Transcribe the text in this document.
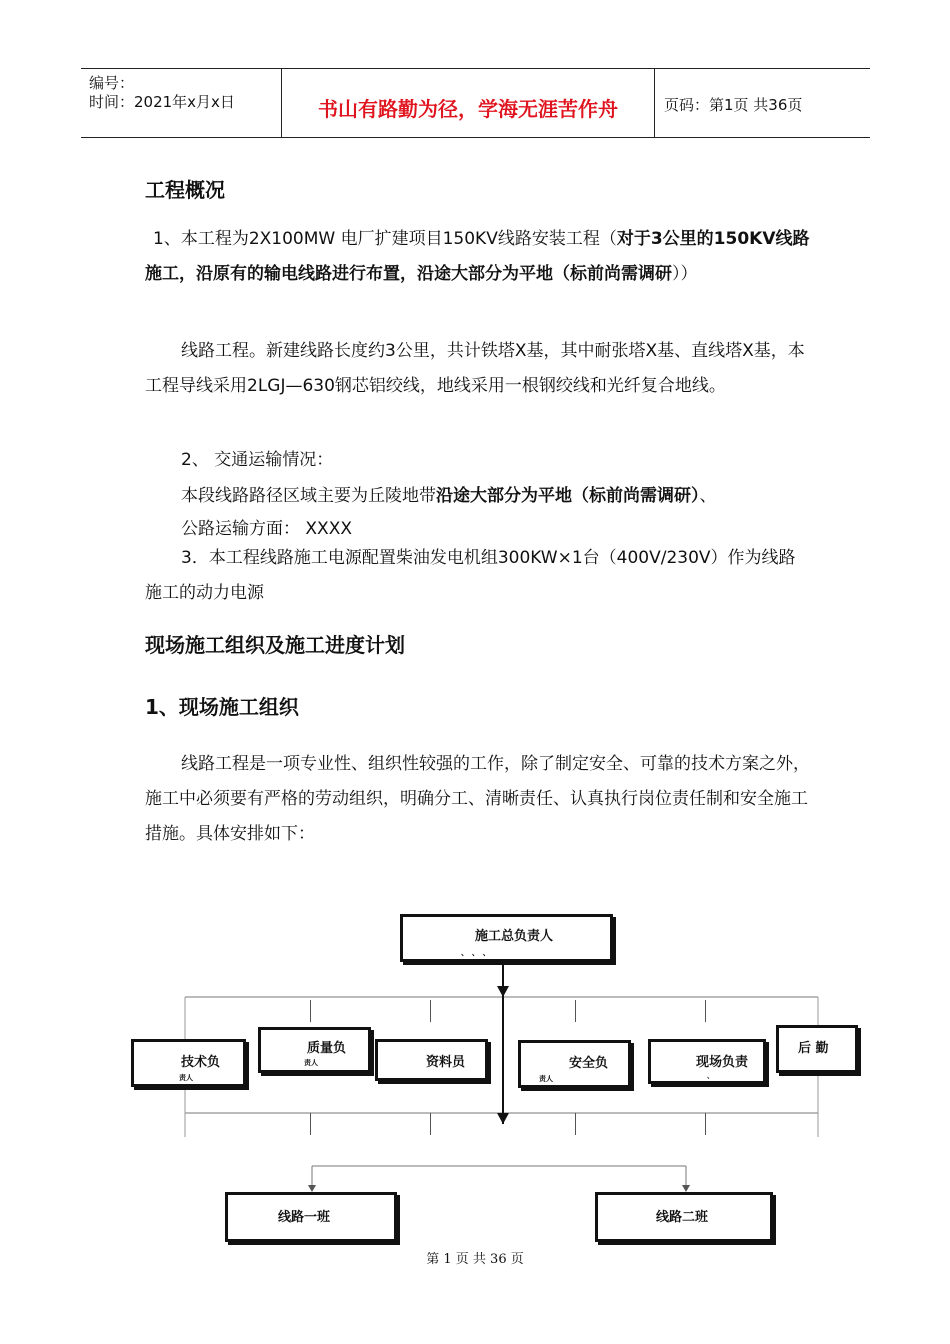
编号：
时间：2021年x月x日	书山有路勤为径，学海无涯苦作舟	页码：第1页 共36页
工程概况

1、本工程为2X100MW 电厂扩建项目150KV线路安装工程（对于3公里的150KV线路施工，沿原有的输电线路进行布置，沿途大部分为平地（标前尚需调研））

线路工程。新建线路长度约3公里，共计铁塔X基，其中耐张塔X基、直线塔X基，本工程导线采用2LGJ—630钢芯铝绞线，地线采用一根钢绞线和光纤复合地线。

2、 交通运输情况：
本段线路路径区域主要为丘陵地带沿途大部分为平地（标前尚需调研）、
公路运输方面： XXXX

3．本工程线路施工电源配置柴油发电机组300KW×1台（400V/230V）作为线路施工的动力电源

现场施工组织及施工进度计划
1、现场施工组织

线路工程是一项专业性、组织性较强的工作，除了制定安全、可靠的技术方案之外，施工中必须要有严格的劳动组织，明确分工、清晰责任、认真执行岗位责任制和安全施工措施。具体安排如下：

施工总负责人
、 、 、
技术负
责人
质量负
责人	资料员	安全负
责人
现场负责
、
后 勤
线路一班	线路二班
第 1 页 共 36 页
